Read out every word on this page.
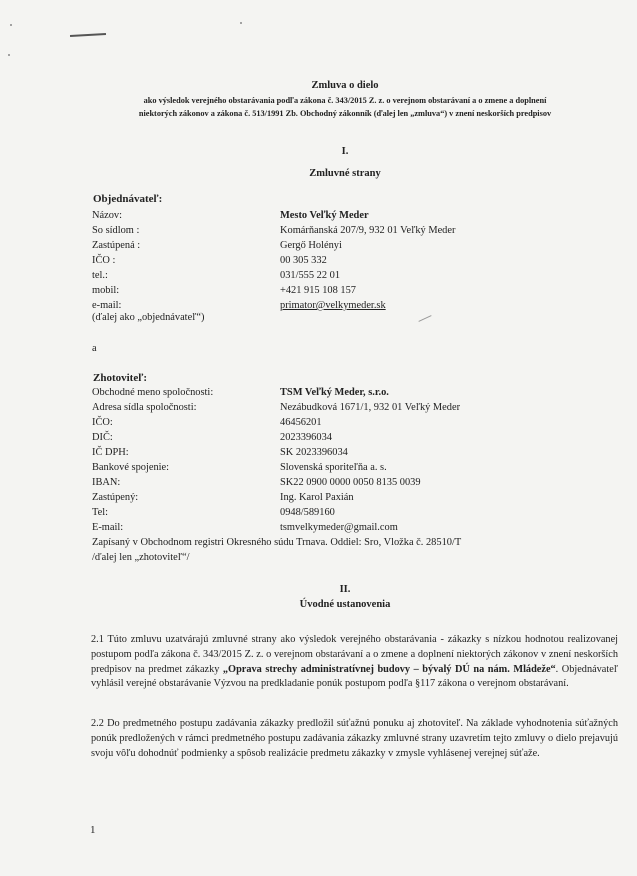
Zmluva o dielo
ako výsledok verejného obstarávania podľa zákona č. 343/2015 Z. z. o verejnom obstarávaní a o zmene a doplnení
niektorých zákonov a zákona č. 513/1991 Zb. Obchodný zákonník (ďalej len „zmluva“) v znení neskorších predpisov
I.
Zmluvné strany
Objednávateľ:
Názov:	Mesto Veľký Meder
So sídlom :	Komárňanská 207/9, 932 01 Veľký Meder
Zastúpená :	Gergő Holényi
IČO :	00 305 332
tel.:	031/555 22 01
mobil:	+421 915 108 157
e-mail:	primator@velkymeder.sk
(ďalej ako „objednávateľ“)
a
Zhotoviteľ:
Obchodné meno spoločnosti:	TSM Veľký Meder, s.r.o.
Adresa sídla spoločnosti:	Nezábudková 1671/1, 932 01 Veľký Meder
IČO:	46456201
DIČ:	2023396034
IČ DPH:	SK 2023396034
Bankové spojenie:	Slovenská sporiteľňa a. s.
IBAN:	SK22 0900 0000 0050 8135 0039
Zastúpený:	Ing. Karol Paxián
Tel:	0948/589160
E-mail:	tsmvelkymeder@gmail.com
Zapísaný v Obchodnom registri Okresného súdu Trnava. Oddiel: Sro, Vložka č. 28510/T
/ďalej len „zhotoviteľ“/
II.
Úvodné ustanovenia
2.1 Túto zmluvu uzatvárajú zmluvné strany ako výsledok verejného obstarávania - zákazky s nízkou hodnotou realizovanej postupom podľa zákona č. 343/2015 Z. z. o verejnom obstarávaní a o zmene a doplnení niektorých zákonov v znení neskorších predpisov na predmet zákazky „Oprava strechy administratívnej budovy – bývalý DÚ na nám. Mládeže“. Objednávateľ vyhlásil verejné obstarávanie Výzvou na predkladanie ponúk postupom podľa §117 zákona o verejnom obstarávaní.
2.2 Do predmetného postupu zadávania zákazky predložil súťažnú ponuku aj zhotoviteľ. Na základe vyhodnotenia súťažných ponúk predložených v rámci predmetného postupu zadávania zákazky zmluvné strany uzavretím tejto zmluvy o dielo prejavujú svoju vôľu dohodnúť podmienky a spôsob realizácie predmetu zákazky v zmysle vyhlásenej verejnej súťaže.
1
